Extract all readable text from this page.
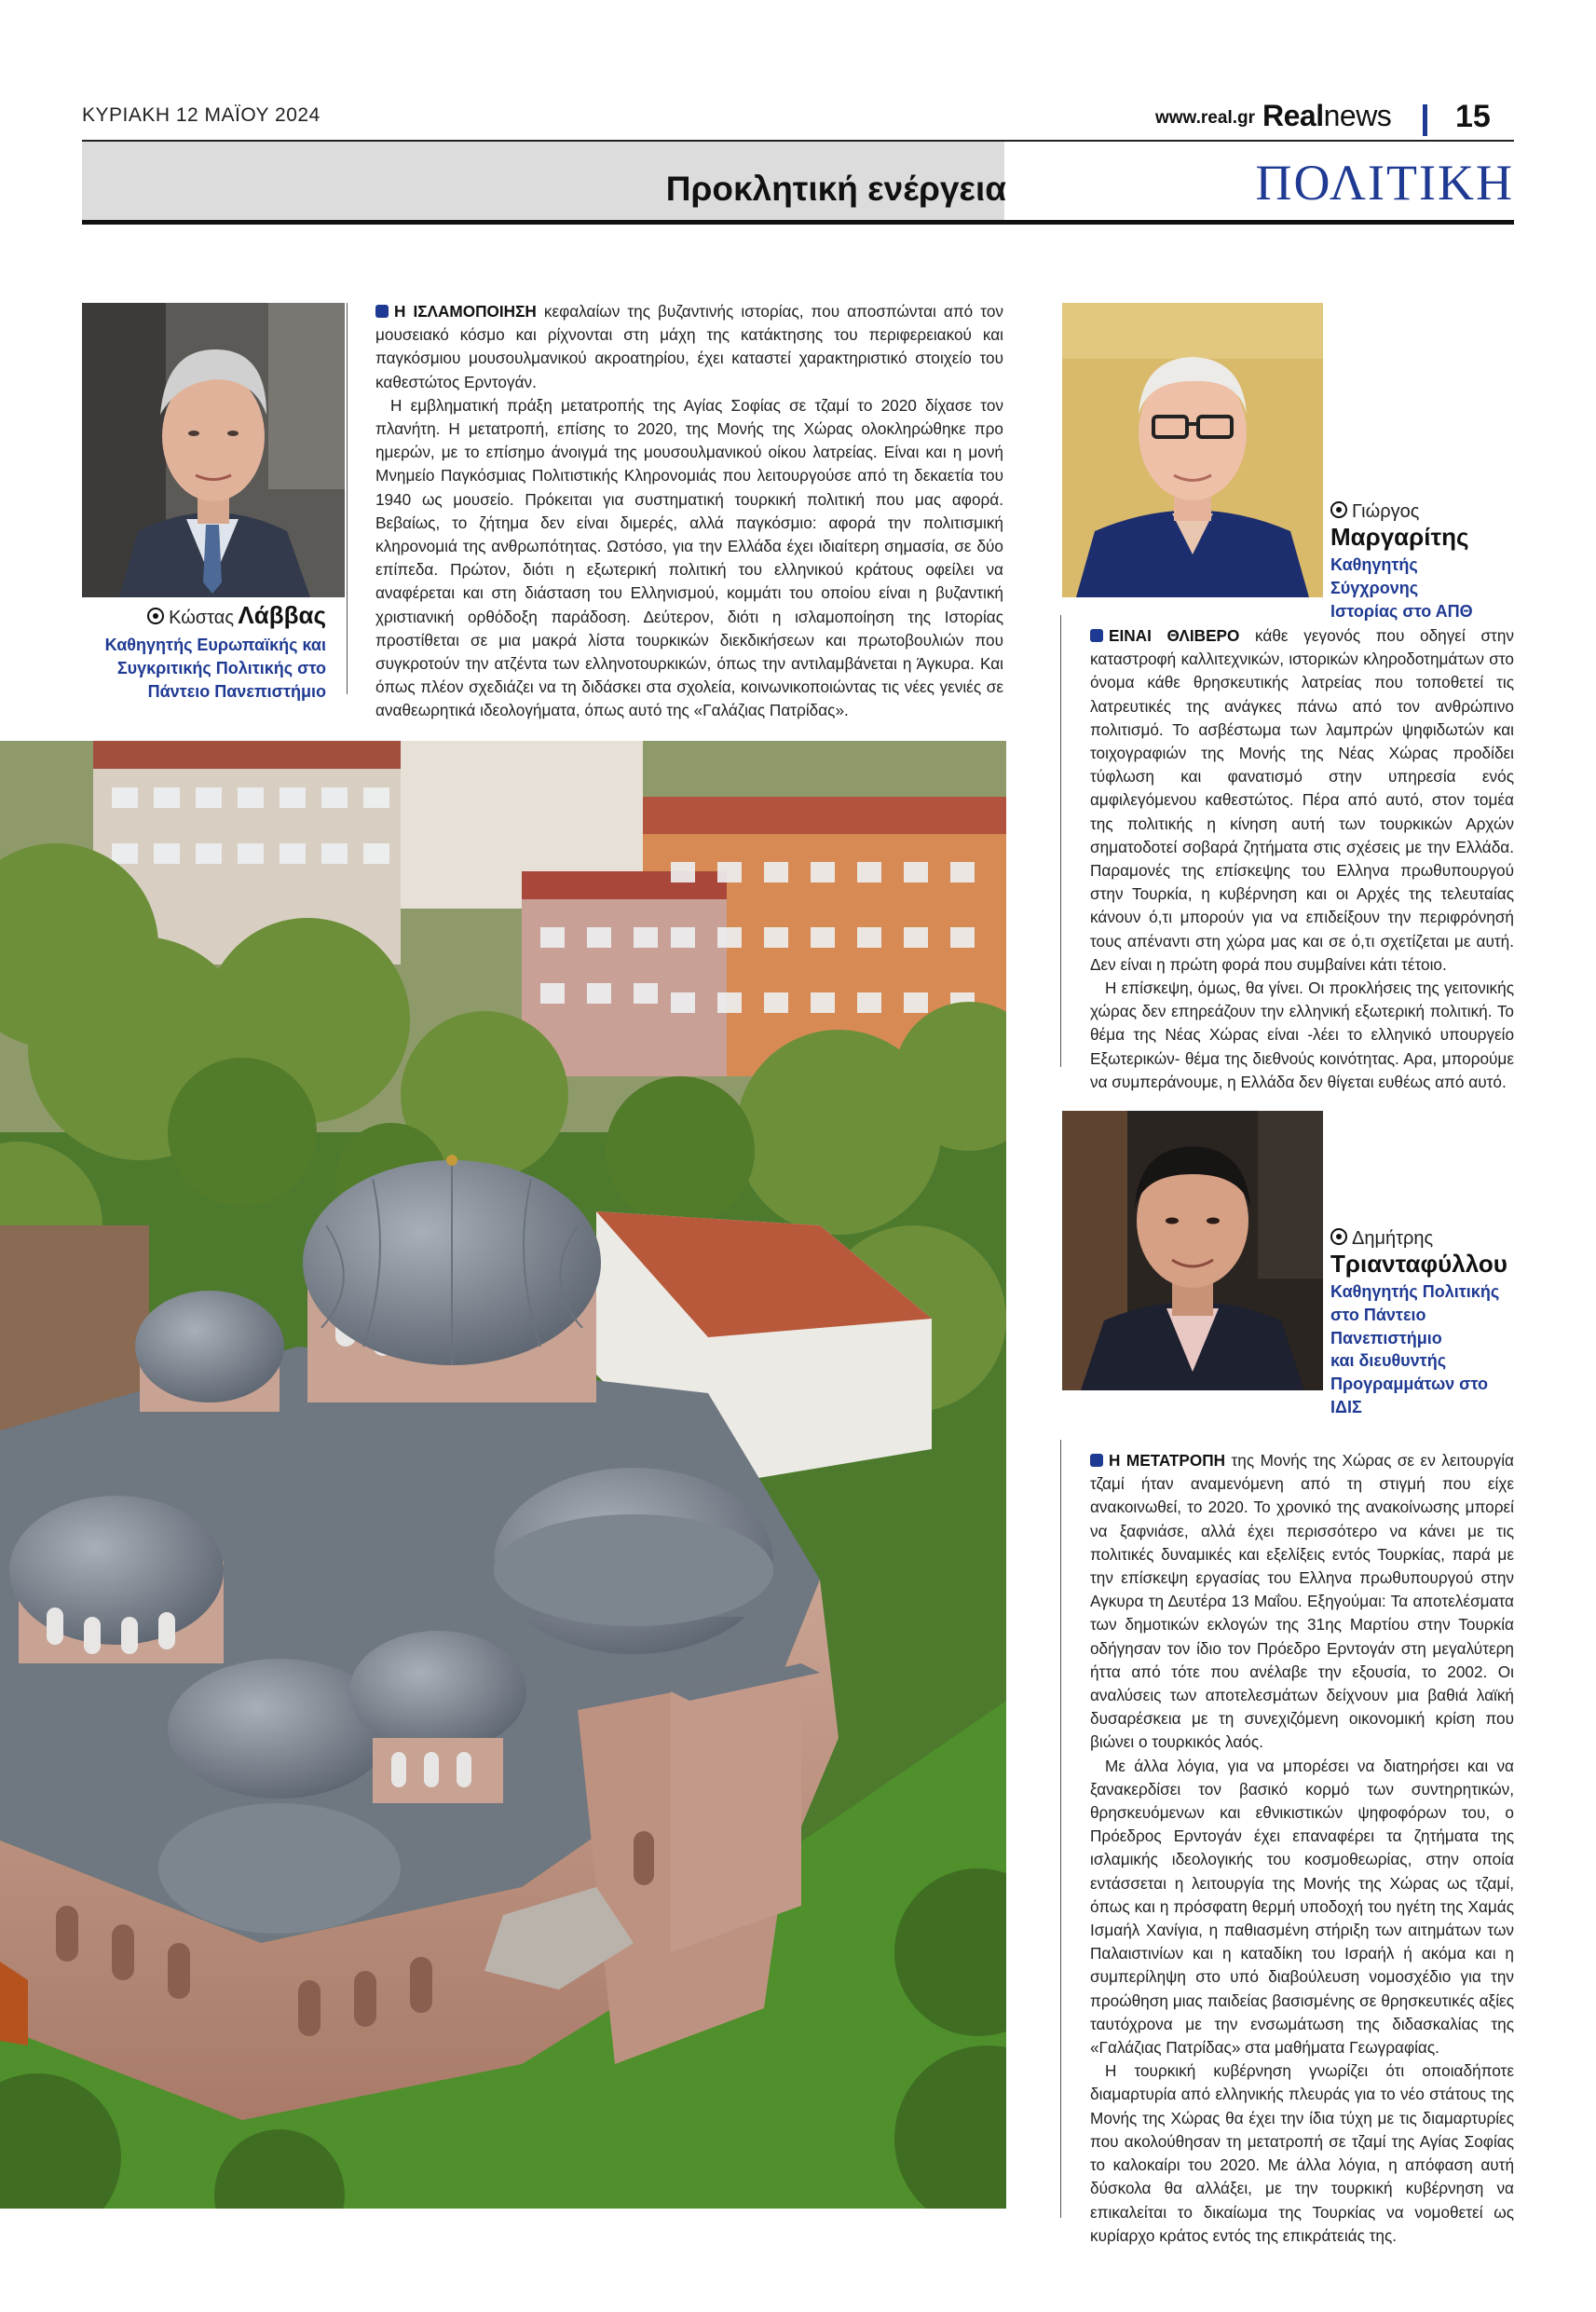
ΚΥΡΙΑΚΗ 12 ΜΑΪΟΥ 2024	www.real.gr Realnews 15
Προκλητική ενέργεια	ΠΟΛΙΤΙΚΗ
Κώστας Λάββας
Καθηγητής Ευρωπαϊκής και
Συγκριτικής Πολιτικής στο
Πάντειο Πανεπιστήμιο

Η ΙΣΛΑΜΟΠΟΙΗΣΗ κεφαλαίων της βυζαντινής ιστορίας, που αποσπώνται από τον μουσειακό κόσμο και ρίχνονται στη μάχη της κατάκτησης του περιφερειακού και παγκόσμιου μουσουλμανικού ακροατηρίου, έχει καταστεί χαρακτηριστικό στοιχείο του καθεστώτος Ερντογάν.

Η εμβληματική πράξη μετατροπής της Αγίας Σοφίας σε τζαμί το 2020 δίχασε τον πλανήτη. Η μετατροπή, επίσης το 2020, της Μονής της Χώρας ολοκληρώθηκε προ ημερών, με το επίσημο άνοιγμά της μουσουλμανικού οίκου λατρείας. Είναι και η μονή Μνημείο Παγκόσμιας Πολιτιστικής Κληρονομιάς που λειτουργούσε από τη δεκαετία του 1940 ως μουσείο. Πρόκειται για συστηματική τουρκική πολιτική που μας αφορά. Βεβαίως, το ζήτημα δεν είναι διμερές, αλλά παγκόσμιο: αφορά την πολιτισμική κληρονομιά της ανθρωπότητας. Ωστόσο, για την Ελλάδα έχει ιδιαίτερη σημασία, σε δύο επίπεδα. Πρώτον, διότι η εξωτερική πολιτική του ελληνικού κράτους οφείλει να αναφέρεται και στη διάσταση του Ελληνισμού, κομμάτι του οποίου είναι η βυζαντική χριστιανική ορθόδοξη παράδοση. Δεύτερον, διότι η ισλαμοποίηση της Ιστορίας προστίθεται σε μια μακρά λίστα τουρκικών διεκδικήσεων και πρωτοβουλιών που συγκροτούν την ατζέντα των ελληνοτουρκικών, όπως την αντιλαμβάνεται η Άγκυρα. Και όπως πλέον σχεδιάζει να τη διδάσκει στα σχολεία, κοινωνικοποιώντας τις νέες γενιές σε αναθεωρητικά ιδεολογήματα, όπως αυτό της «Γαλάζιας Πατρίδας».

Γιώργος
Μαργαρίτης
Καθηγητής Σύγχρονης
Ιστορίας στο ΑΠΘ

ΕΙΝΑΙ ΘΛΙΒΕΡΟ κάθε γεγονός που οδηγεί στην καταστροφή καλλιτεχνικών, ιστορικών κληροδοτημάτων στο όνομα κάθε θρησκευτικής λατρείας που τοποθετεί τις λατρευτικές της ανάγκες πάνω από τον ανθρώπινο πολιτισμό. Το ασβέστωμα των λαμπρών ψηφιδωτών και τοιχογραφιών της Μονής της Νέας Χώρας προδίδει τύφλωση και φανατισμό στην υπηρεσία ενός αμφιλεγόμενου καθεστώτος. Πέρα από αυτό, στον τομέα της πολιτικής η κίνηση αυτή των τουρκικών Αρχών σηματοδοτεί σοβαρά ζητήματα στις σχέσεις με την Ελλάδα. Παραμονές της επίσκεψης του Ελληνα πρωθυπουργού στην Τουρκία, η κυβέρνηση και οι Αρχές της τελευταίας κάνουν ό,τι μπορούν για να επιδείξουν την περιφρόνησή τους απέναντι στη χώρα μας και σε ό,τι σχετίζεται με αυτή. Δεν είναι η πρώτη φορά που συμβαίνει κάτι τέτοιο.

Η επίσκεψη, όμως, θα γίνει. Οι προκλήσεις της γειτονικής χώρας δεν επηρεάζουν την ελληνική εξωτερική πολιτική. Το θέμα της Νέας Χώρας είναι -λέει το ελληνικό υπουργείο Εξωτερικών- θέμα της διεθνούς κοινότητας. Αρα, μπορούμε να συμπεράνουμε, η Ελλάδα δεν θίγεται ευθέως από αυτό.

Δημήτρης
Τριανταφύλλου
Καθηγητής Πολιτικής
στο Πάντειο
Πανεπιστήμιο
και διευθυντής
Προγραμμάτων στο ΙΔΙΣ

Η ΜΕΤΑΤΡΟΠΗ της Μονής της Χώρας σε εν λειτουργία τζαμί ήταν αναμενόμενη από τη στιγμή που είχε ανακοινωθεί, το 2020. Το χρονικό της ανακοίνωσης μπορεί να ξαφνιάσε, αλλά έχει περισσότερο να κάνει με τις πολιτικές δυναμικές και εξελίξεις εντός Τουρκίας, παρά με την επίσκεψη εργασίας του Ελληνα πρωθυπουργού στην Αγκυρα τη Δευτέρα 13 Μαΐου. Εξηγούμαι: Τα αποτελέσματα των δημοτικών εκλογών της 31ης Μαρτίου στην Τουρκία οδήγησαν τον ίδιο τον Πρόεδρο Ερντογάν στη μεγαλύτερη ήττα από τότε που ανέλαβε την εξουσία, το 2002. Οι αναλύσεις των αποτελεσμάτων δείχνουν μια βαθιά λαϊκή δυσαρέσκεια με τη συνεχιζόμενη οικονομική κρίση που βιώνει ο τουρκικός λαός.

Με άλλα λόγια, για να μπορέσει να διατηρήσει και να ξανακερδίσει τον βασικό κορμό των συντηρητικών, θρησκευόμενων και εθνικιστικών ψηφοφόρων του, ο Πρόεδρος Ερντογάν έχει επαναφέρει τα ζητήματα της ισλαμικής ιδεολογικής του κοσμοθεωρίας, στην οποία εντάσσεται η λειτουργία της Μονής της Χώρας ως τζαμί, όπως και η πρόσφατη θερμή υποδοχή του ηγέτη της Χαμάς Ισμαήλ Χανίγια, η παθιασμένη στήριξη των αιτημάτων των Παλαιστινίων και η καταδίκη του Ισραήλ ή ακόμα και η συμπερίληψη στο υπό διαβούλευση νομοσχέδιο για την προώθηση μιας παιδείας βασισμένης σε θρησκευτικές αξίες ταυτόχρονα με την ενσωμάτωση της διδασκαλίας της «Γαλάζιας Πατρίδας» στα μαθήματα Γεωγραφίας.

Η τουρκική κυβέρνηση γνωρίζει ότι οποιαδήποτε διαμαρτυρία από ελληνικής πλευράς για το νέο στάτους της Μονής της Χώρας θα έχει την ίδια τύχη με τις διαμαρτυρίες που ακολούθησαν τη μετατροπή σε τζαμί της Αγίας Σοφίας το καλοκαίρι του 2020. Με άλλα λόγια, η απόφαση αυτή δύσκολα θα αλλάξει, με την τουρκική κυβέρνηση να επικαλείται το δικαίωμα της Τουρκίας να νομοθετεί ως κυρίαρχο κράτος εντός της επικράτειάς της.
